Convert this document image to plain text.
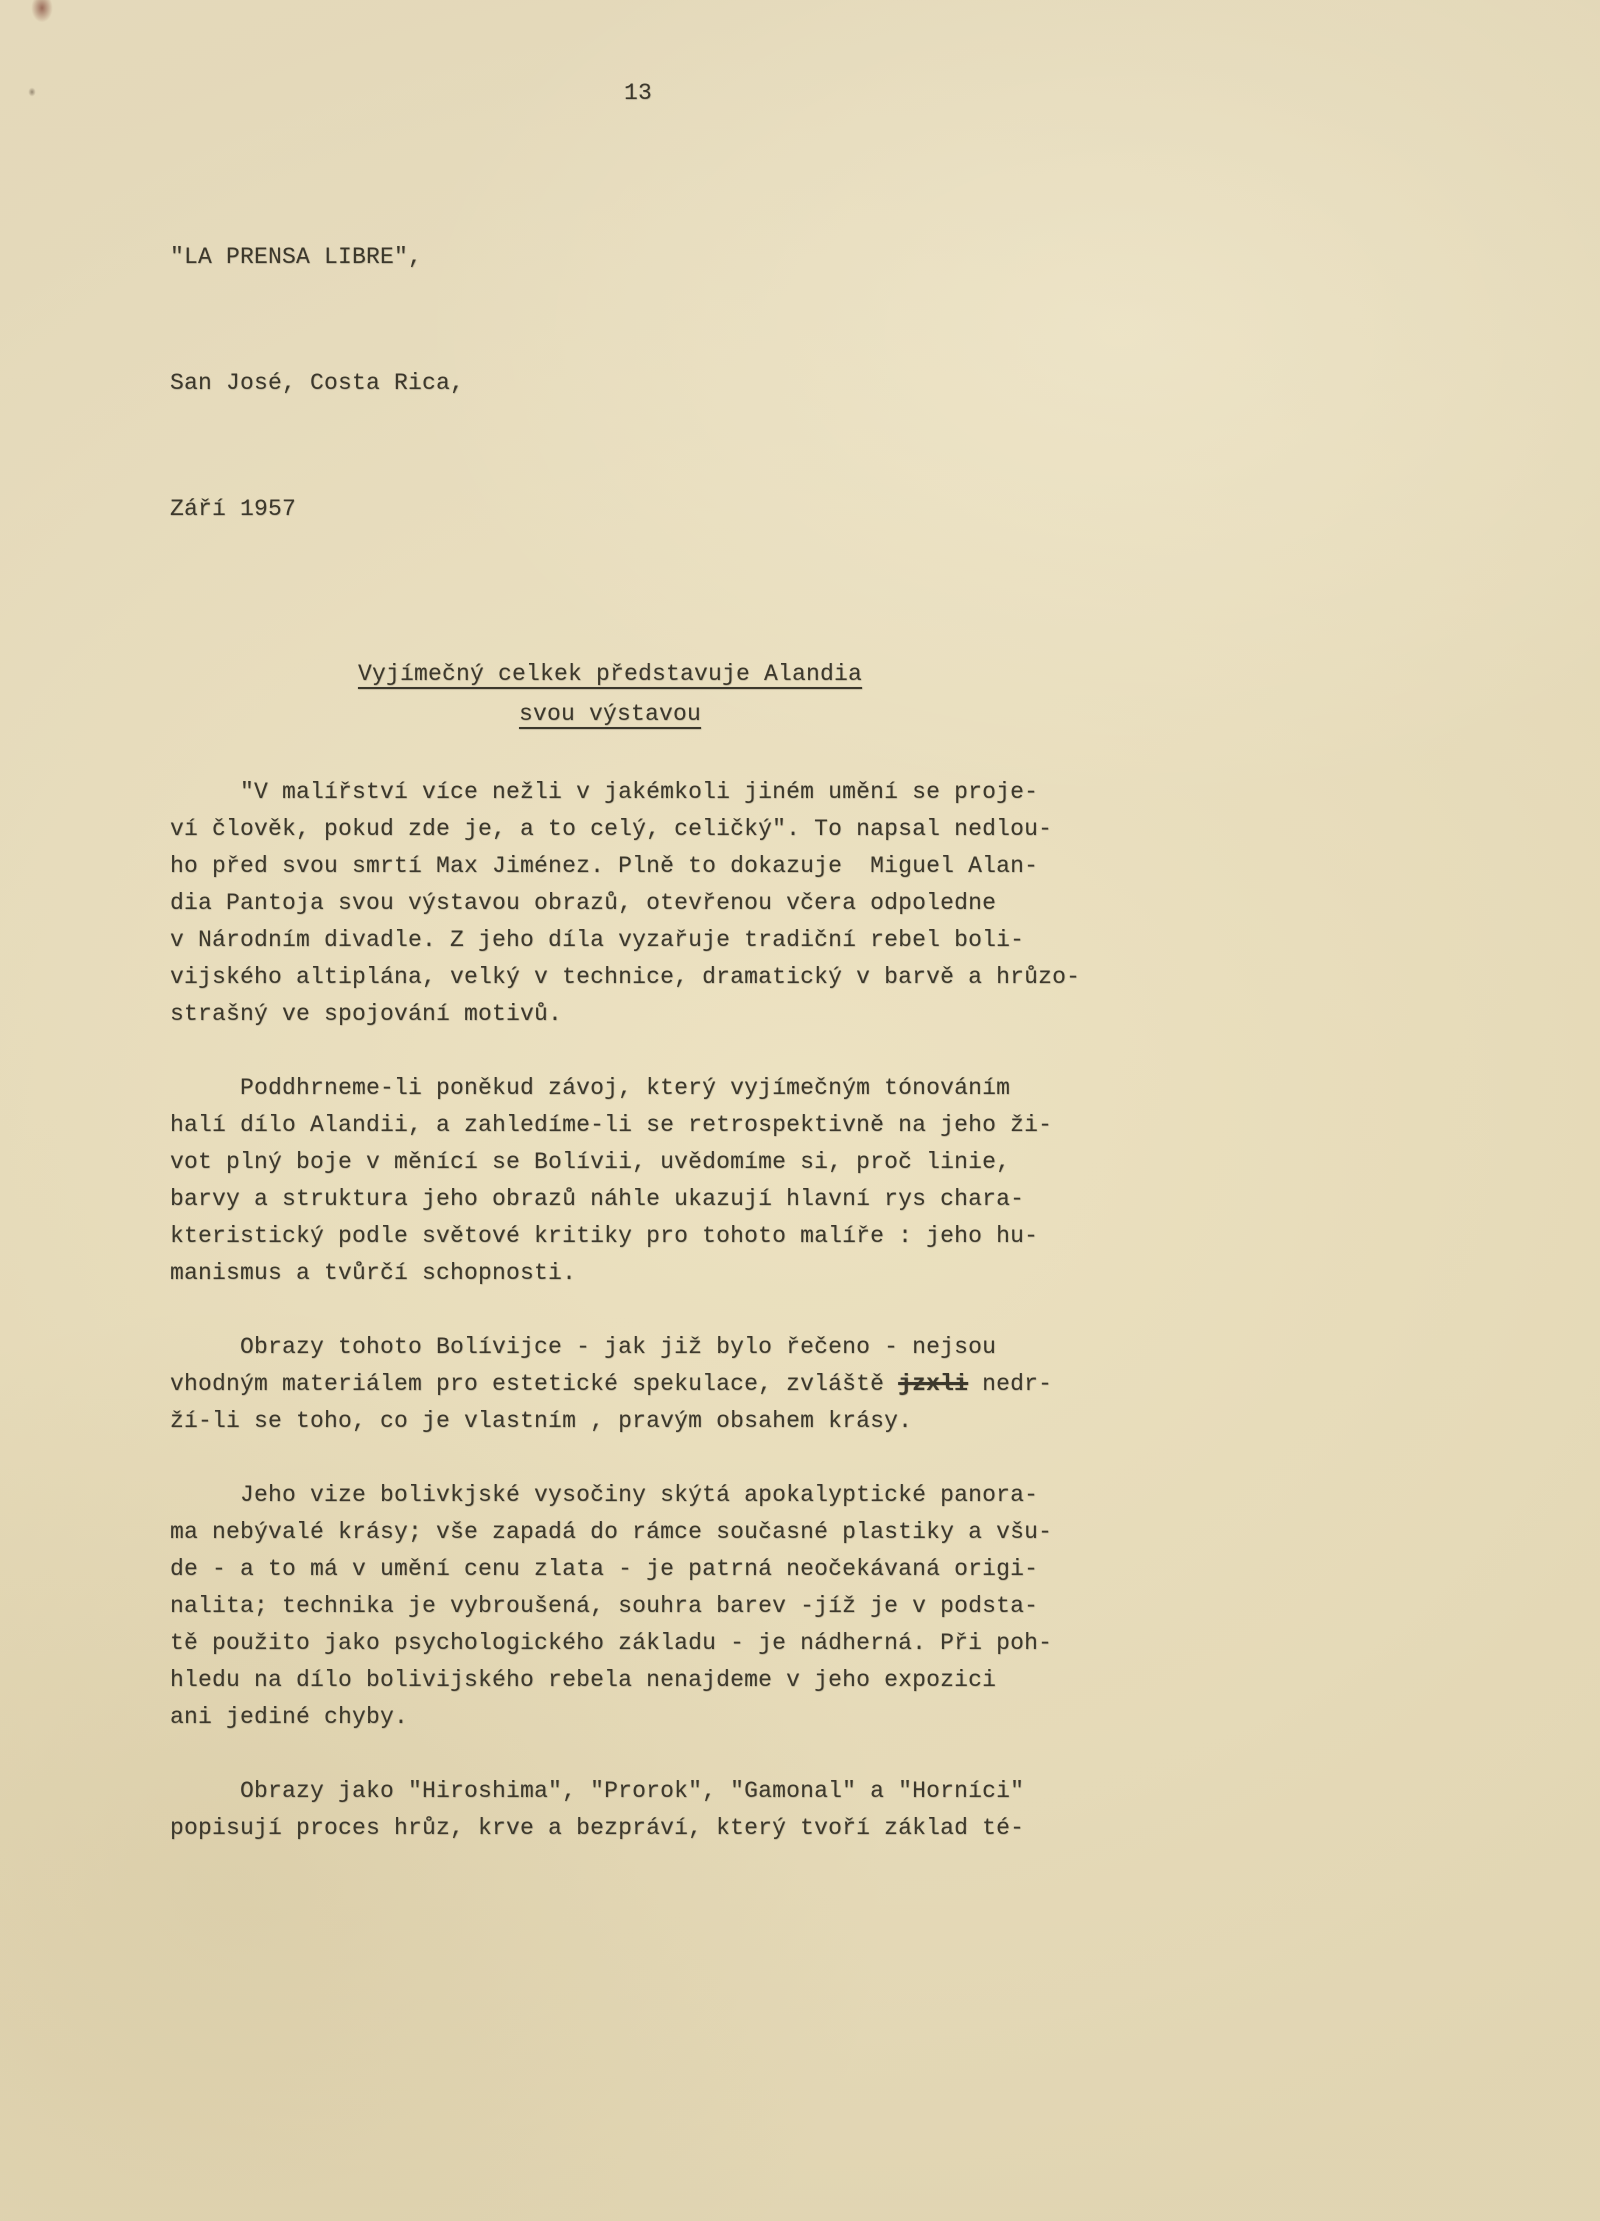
13

"LA PRENSA LIBRE",

San José, Costa Rica,

Září 1957

Vyjímečný celkek představuje Alandia
svou výstavou

"V malířství více nežli v jakémkoli jiném umění se proje-
ví člověk, pokud zde je, a to celý, celičký". To napsal nedlou-
ho před svou smrtí Max Jiménez. Plně to dokazuje  Miguel Alan-
dia Pantoja svou výstavou obrazů, otevřenou včera odpoledne
v Národním divadle. Z jeho díla vyzařuje tradiční rebel boli-
vijského altiplána, velký v technice, dramatický v barvě a hrůzo-
strašný ve spojování motivů.

Poddhrneme-li poněkud závoj, který vyjímečným tónováním
halí dílo Alandii, a zahledíme-li se retrospektivně na jeho ži-
vot plný boje v měnící se Bolívii, uvědomíme si, proč linie,
barvy a struktura jeho obrazů náhle ukazují hlavní rys chara-
kteristický podle světové kritiky pro tohoto malíře : jeho hu-
manismus a tvůrčí schopnosti.

Obrazy tohoto Bolívijce - jak již bylo řečeno - nejsou
vhodným materiálem pro estetické spekulace, zvláště jzxli nedr-
ží-li se toho, co je vlastním , pravým obsahem krásy.

Jeho vize bolivkjské vysočiny skýtá apokalyptické panora-
ma nebývalé krásy; vše zapadá do rámce současné plastiky a všu-
de - a to má v umění cenu zlata - je patrná neočekávaná origi-
nalita; technika je vybroušená, souhra barev -jíž je v podsta-
tě použito jako psychologického základu - je nádherná. Při poh-
hledu na dílo bolivijského rebela nenajdeme v jeho expozici
ani jediné chyby.

Obrazy jako "Hiroshima", "Prorok", "Gamonal" a "Horníci"
popisují proces hrůz, krve a bezpráví, který tvoří základ té-
